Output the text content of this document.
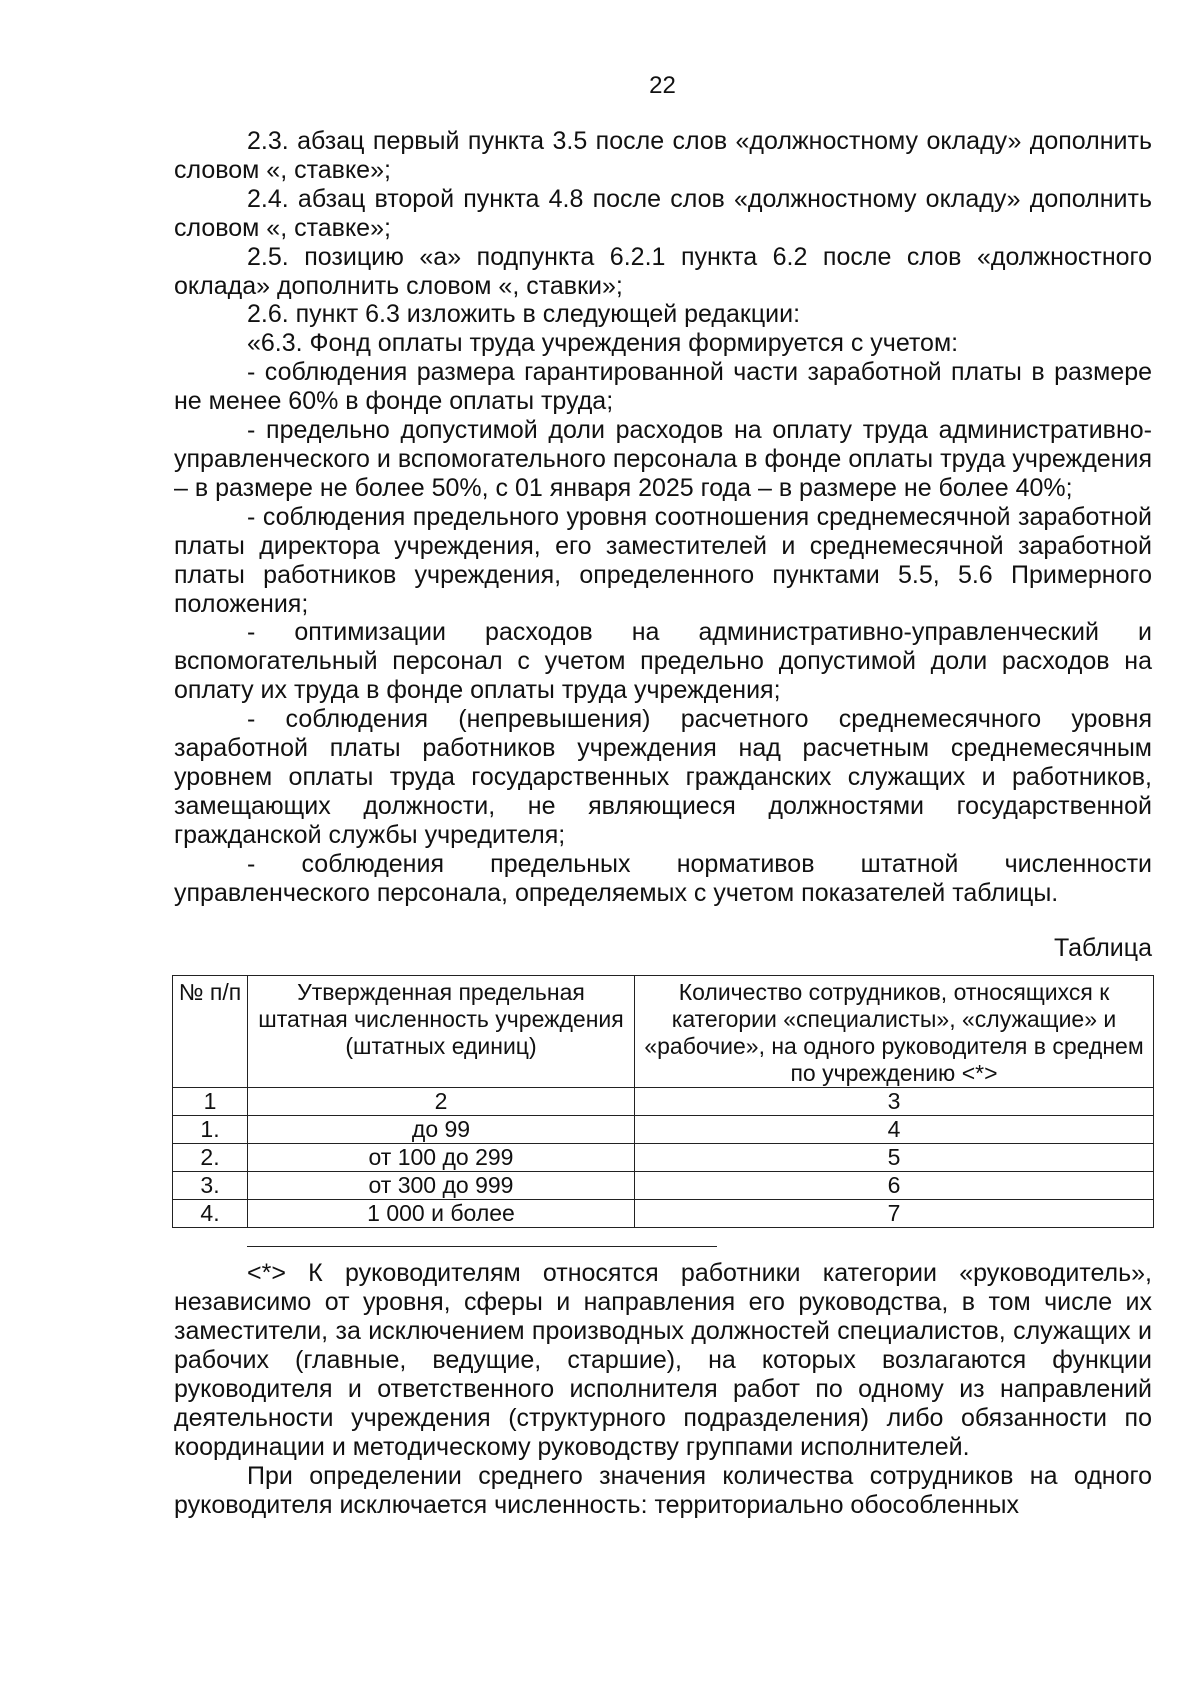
22

2.3. абзац первый пункта 3.5 после слов «должностному окладу» дополнить словом «, ставке»;

2.4. абзац второй пункта 4.8 после слов «должностному окладу» дополнить словом «, ставке»;

2.5. позицию «а» подпункта 6.2.1 пункта 6.2 после слов «должностного оклада» дополнить словом «, ставки»;

2.6. пункт 6.3 изложить в следующей редакции:

«6.3. Фонд оплаты труда учреждения формируется с учетом:

- соблюдения размера гарантированной части заработной платы в размере не менее 60% в фонде оплаты труда;

- предельно допустимой доли расходов на оплату труда административно-управленческого и вспомогательного персонала в фонде оплаты труда учреждения – в размере не более 50%, с 01 января 2025 года – в размере не более 40%;

- соблюдения предельного уровня соотношения среднемесячной заработной платы директора учреждения, его заместителей и среднемесячной заработной платы работников учреждения, определенного пунктами 5.5, 5.6 Примерного положения;

- оптимизации расходов на административно-управленческий и вспомогательный персонал с учетом предельно допустимой доли расходов на оплату их труда в фонде оплаты труда учреждения;

- соблюдения (непревышения) расчетного среднемесячного уровня заработной платы работников учреждения над расчетным среднемесячным уровнем оплаты труда государственных гражданских служащих и работников, замещающих должности, не являющиеся должностями государственной гражданской службы учредителя;

- соблюдения предельных нормативов штатной численности управленческого персонала, определяемых с учетом показателей таблицы.

Таблица
№ п/п	Утвержденная предельная штатная численность учреждения (штатных единиц)	Количество сотрудников, относящихся к категории «специалисты», «служащие» и «рабочие», на одного руководителя в среднем по учреждению <*>
1	2	3
1.	до 99	4
2.	от 100 до 299	5
3.	от 300 до 999	6
4.	1 000 и более	7

<*> К руководителям относятся работники категории «руководитель», независимо от уровня, сферы и направления его руководства, в том числе их заместители, за исключением производных должностей специалистов, служащих и рабочих (главные, ведущие, старшие), на которых возлагаются функции руководителя и ответственного исполнителя работ по одному из направлений деятельности учреждения (структурного подразделения) либо обязанности по координации и методическому руководству группами исполнителей.

При определении среднего значения количества сотрудников на одного руководителя исключается численность: территориально обособленных
